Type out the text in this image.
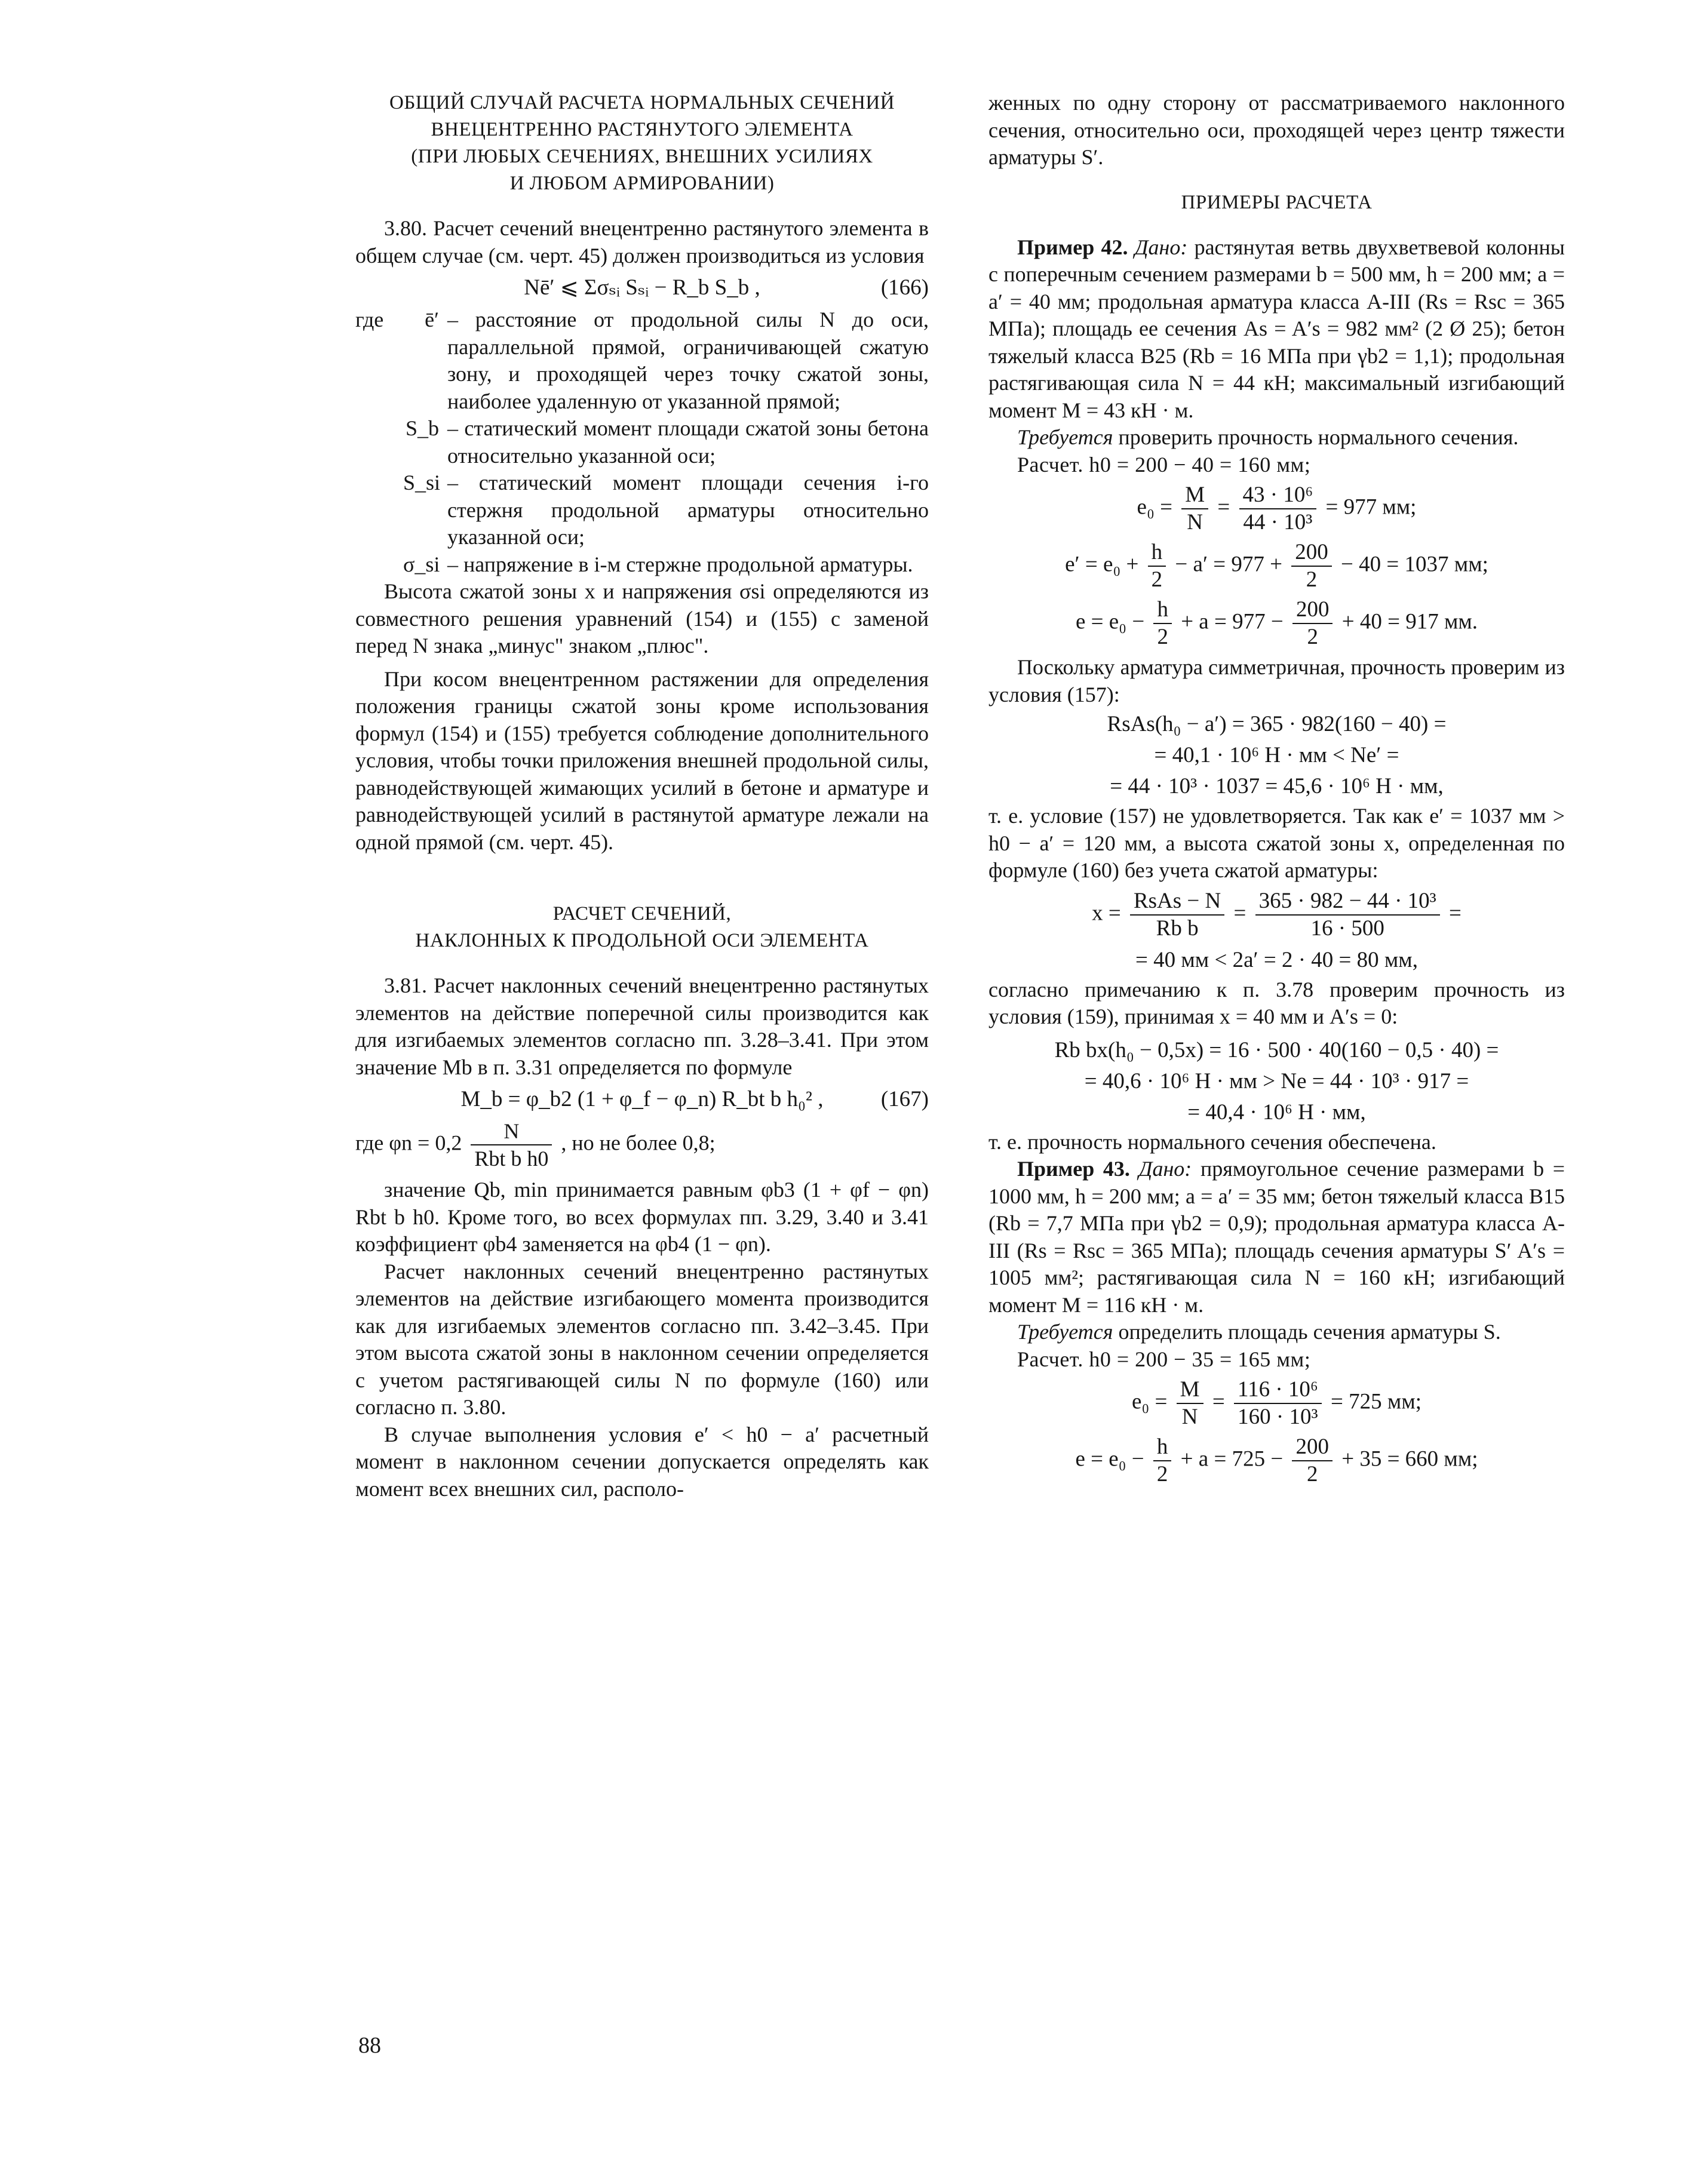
ОБЩИЙ СЛУЧАЙ РАСЧЕТА НОРМАЛЬНЫХ СЕЧЕНИЙ
ВНЕЦЕНТРЕННО РАСТЯНУТОГО ЭЛЕМЕНТА
(ПРИ ЛЮБЫХ СЕЧЕНИЯХ, ВНЕШНИХ УСИЛИЯХ
И ЛЮБОМ АРМИРОВАНИИ)

3.80. Расчет сечений внецентренно растянутого элемента в общем случае (см. черт. 45) должен производиться из условия

Nē′ ⩽ Σσₛᵢ Sₛᵢ − R_b S_b ,	(166)
где	ē′ – расстояние от продольной силы N до оси, параллельной прямой, ограничивающей сжатую зону, и проходящей через точку сжатой зоны, наиболее удаленную от указанной прямой;
S_b – статический момент площади сжатой зоны бетона относительно указанной оси;
S_si – статический момент площади сечения i-го стержня продольной арматуры относительно указанной оси;
σ_si – напряжение в i-м стержне продольной арматуры.

Высота сжатой зоны x и напряжения σsi определяются из совместного решения уравнений (154) и (155) с заменой перед N знака „минус" знаком „плюс".

При косом внецентренном растяжении для определения положения границы сжатой зоны кроме использования формул (154) и (155) требуется соблюдение дополнительного условия, чтобы точки приложения внешней продольной силы, равнодействующей жимающих усилий в бетоне и арматуре и равнодействующей усилий в растянутой арматуре лежали на одной прямой (см. черт. 45).

РАСЧЕТ СЕЧЕНИЙ,
НАКЛОННЫХ К ПРОДОЛЬНОЙ ОСИ ЭЛЕМЕНТА

3.81. Расчет наклонных сечений внецентренно растянутых элементов на действие поперечной силы производится как для изгибаемых элементов согласно пп. 3.28–3.41. При этом значение Mb в п. 3.31 определяется по формуле

M_b = φ_b2 (1 + φ_f − φ_n) R_bt b h₀² ,	(167)
где $\varphi n = 0,2 \frac{N}{\text{Rbt b h0}}$ , но не более 0,8;

значение Qb, min принимается равным φb3 (1 + φf − φn) Rbt b h0. Кроме того, во всех формулах пп. 3.29, 3.40 и 3.41 коэффициент φb4 заменяется на φb4 (1 − φn).

Расчет наклонных сечений внецентренно растянутых элементов на действие изгибающего момента производится как для изгибаемых элементов согласно пп. 3.42–3.45. При этом высота сжатой зоны в наклонном сечении определяется с учетом растягивающей силы N по формуле (160) или согласно п. 3.80.

В случае выполнения условия e′ < h0 − a′ расчетный момент в наклонном сечении допускается определять как момент всех внешних сил, располо-

женных по одну сторону от рассматриваемого наклонного сечения, относительно оси, проходящей через центр тяжести арматуры S′.

ПРИМЕРЫ РАСЧЕТА

Пример 42. Дано: растянутая ветвь двухветвевой колонны с поперечным сечением размерами b = 500 мм, h = 200 мм; a = a′ = 40 мм; продольная арматура класса А-III (Rs = Rsc = 365 МПа); площадь ее сечения As = A′s = 982 мм² (2 Ø 25); бетон тяжелый класса В25 (Rb = 16 МПа при γb2 = 1,1); продольная растягивающая сила N = 44 кН; максимальный изгибающий момент M = 43 кН · м.

Требуется проверить прочность нормального сечения.

Расчет. h0 = 200 − 40 = 160 мм;

$e_0 = \frac{M}{N} = \frac{\text{43 · 10⁶}}{\text{44 · 10³}} = 977$ мм;
$e' = e_0 + \frac{h}{2} - a' = 977 + \frac{200}{2} - 40 = 1037$ мм;
$e = e_0 - \frac{h}{2} + a = 977 - \frac{200}{2} + 40 = 917$ мм.

Поскольку арматура симметричная, прочность проверим из условия (157):

RsAs(h₀ − a′) = 365 · 982(160 − 40) =
= 40,1 · 10⁶ Н · мм < Ne′ =
= 44 · 10³ · 1037 = 45,6 · 10⁶ Н · мм,

т. е. условие (157) не удовлетворяется. Так как e′ = 1037 мм > h0 − a′ = 120 мм, а высота сжатой зоны x, определенная по формуле (160) без учета сжатой арматуры:

$x = \frac{\text{RsAs − N}}{\text{Rb b}} = \frac{\text{365 · 982 − 44 · 10³}}{16 \cdot 500}$ =
= 40 мм < 2a′ = 2 · 40 = 80 мм,

согласно примечанию к п. 3.78 проверим прочность из условия (159), принимая x = 40 мм и A′s = 0:

Rb bx(h₀ − 0,5x) = 16 · 500 · 40(160 − 0,5 · 40) =
= 40,6 · 10⁶ Н · мм > Ne = 44 · 10³ · 917 =
= 40,4 · 10⁶ Н · мм,

т. е. прочность нормального сечения обеспечена.

Пример 43. Дано: прямоугольное сечение размерами b = 1000 мм, h = 200 мм; a = a′ = 35 мм; бетон тяжелый класса В15 (Rb = 7,7 МПа при γb2 = 0,9); продольная арматура класса А-III (Rs = Rsc = 365 МПа); площадь сечения арматуры S′ A′s = 1005 мм²; растягивающая сила N = 160 кН; изгибающий момент M = 116 кН · м.

Требуется определить площадь сечения арматуры S.

Расчет. h0 = 200 − 35 = 165 мм;

$e_0 = \frac{M}{N} = \frac{\text{116 · 10⁶}}{\text{160 · 10³}} = 725$ мм;
$e = e_0 - \frac{h}{2} + a = 725 - \frac{200}{2} + 35 = 660$ мм;
88
